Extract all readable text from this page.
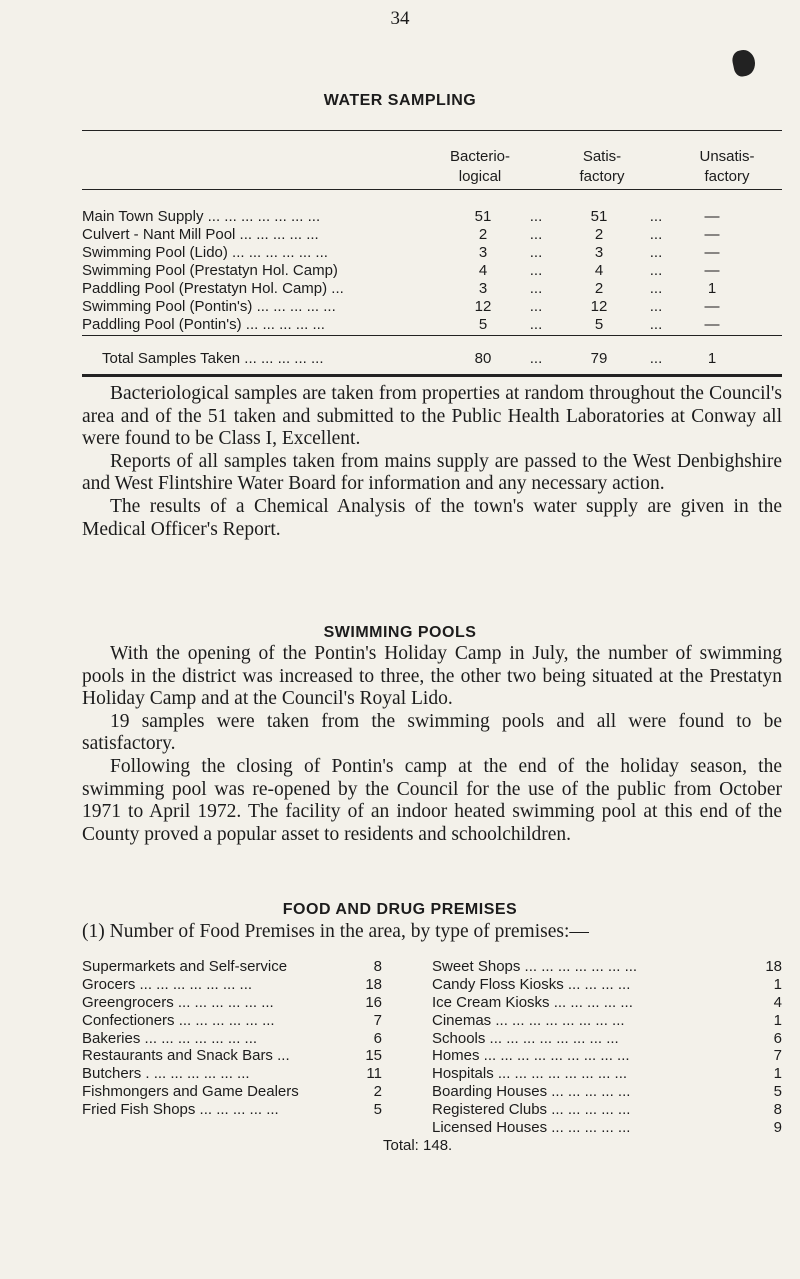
34
WATER SAMPLING
Bacterio-
logical
Satis-
factory
Unsatis-
factory
Main Town Supply ... ... ... ... ... ... ...	51	...	51	...	—
Culvert - Nant Mill Pool ... ... ... ... ...	2	...	2	...	—
Swimming Pool (Lido) ... ... ... ... ... ...	3	...	3	...	—
Swimming Pool (Prestatyn Hol. Camp)	4	...	4	...	—
Paddling Pool (Prestatyn Hol. Camp) ...	3	...	2	...	1
Swimming Pool (Pontin's) ... ... ... ... ...	12	...	12	...	—
Paddling Pool (Pontin's) ... ... ... ... ...	5	...	5	...	—
Total Samples Taken ... ... ... ... ...	80	...	79	...	1

Bacteriological samples are taken from properties at random throughout the Council's area and of the 51 taken and submitted to the Public Health Laboratories at Conway all were found to be Class I, Excellent.

Reports of all samples taken from mains supply are passed to the West Denbighshire and West Flintshire Water Board for information and any necessary action.

The results of a Chemical Analysis of the town's water supply are given in the Medical Officer's Report.

SWIMMING POOLS

With the opening of the Pontin's Holiday Camp in July, the number of swimming pools in the district was increased to three, the other two being situated at the Prestatyn Holiday Camp and at the Council's Royal Lido.

19 samples were taken from the swimming pools and all were found to be satisfactory.

Following the closing of Pontin's camp at the end of the holiday season, the swimming pool was re-opened by the Council for the use of the public from October 1971 to April 1972. The facility of an indoor heated swimming pool at this end of the County proved a popular asset to residents and schoolchildren.

FOOD AND DRUG PREMISES

(1) Number of Food Premises in the area, by type of premises:—

Supermarkets and Self-service	8
Grocers ... ... ... ... ... ... ...	18
Greengrocers ... ... ... ... ... ...	16
Confectioners ... ... ... ... ... ...	7
Bakeries ... ... ... ... ... ... ...	6
Restaurants and Snack Bars ...	15
Butchers . ... ... ... ... ... ...	11
Fishmongers and Game Dealers	2
Fried Fish Shops ... ... ... ... ...	5
Sweet Shops ... ... ... ... ... ... ...	18
Candy Floss Kiosks ... ... ... ...	1
Ice Cream Kiosks ... ... ... ... ...	4
Cinemas ... ... ... ... ... ... ... ...	1
Schools ... ... ... ... ... ... ... ...	6
Homes ... ... ... ... ... ... ... ... ...	7
Hospitals ... ... ... ... ... ... ... ...	1
Boarding Houses ... ... ... ... ...	5
Registered Clubs ... ... ... ... ...	8
Licensed Houses ... ... ... ... ...	9
Total: 148.
